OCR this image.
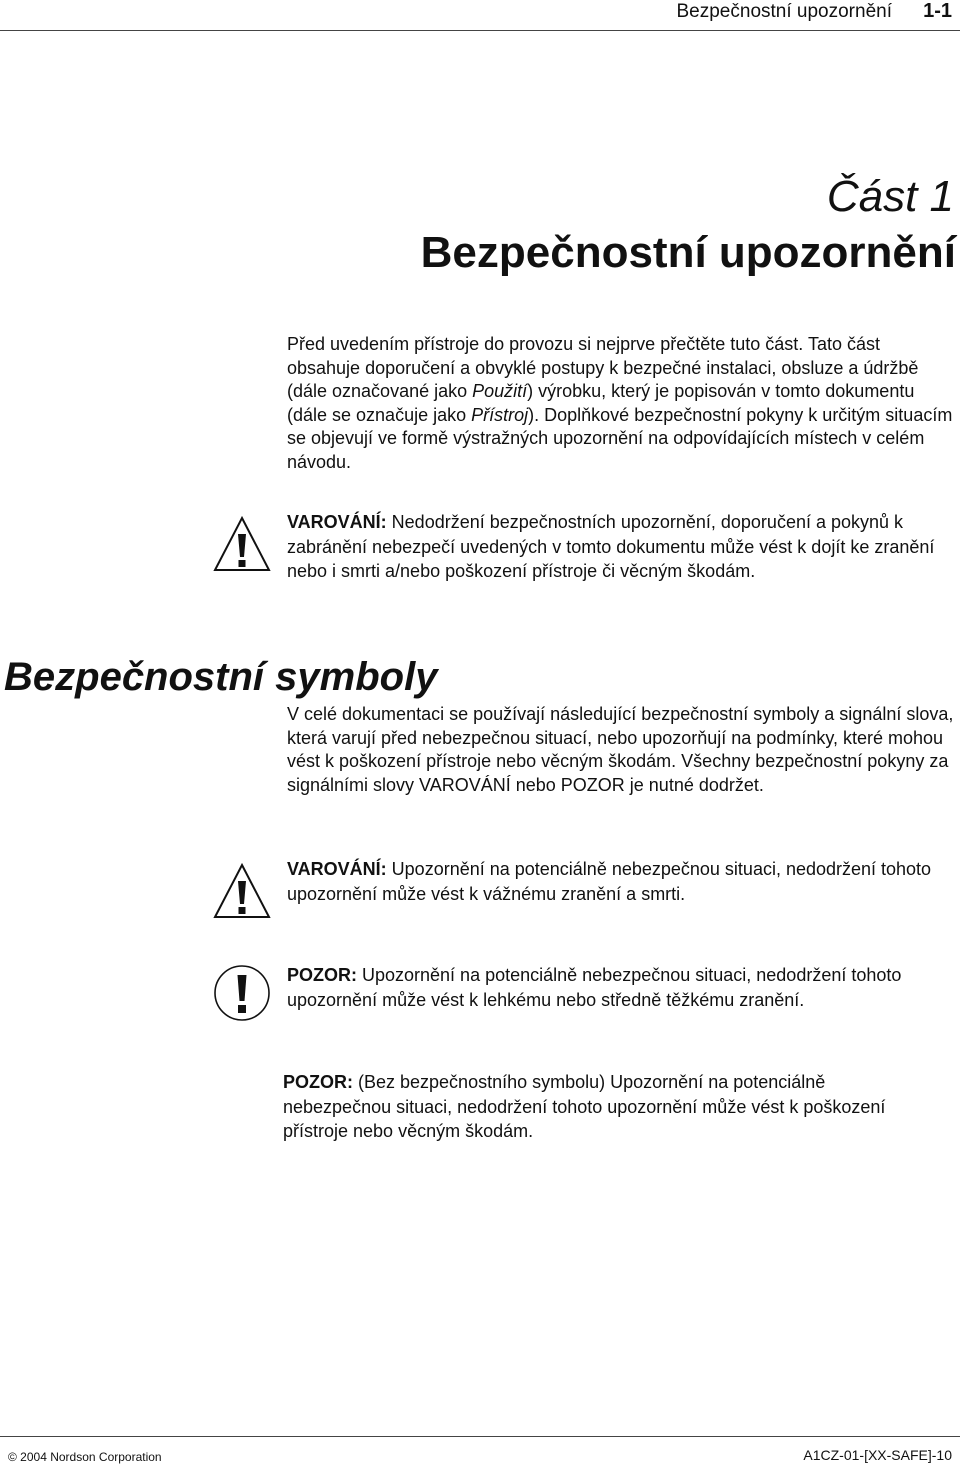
Bezpečnostní upozornění 1-1
Část 1
Bezpečnostní upozornění
Před uvedením přístroje do provozu si nejprve přečtěte tuto část. Tato část obsahuje doporučení a obvyklé postupy k bezpečné instalaci, obsluze a údržbě (dále označované jako Použití) výrobku, který je popisován v tomto dokumentu (dále se označuje jako Přístroj). Doplňkové bezpečnostní pokyny k určitým situacím se objevují ve formě výstražných upozornění na odpovídajících místech v celém návodu.
VAROVÁNÍ: Nedodržení bezpečnostních upozornění, doporučení a pokynů k zabránění nebezpečí uvedených v tomto dokumentu může vést k dojít ke zranění nebo i smrti a/nebo poškození přístroje či věcným škodám.
Bezpečnostní symboly
V celé dokumentaci se používají následující bezpečnostní symboly a signální slova, která varují před nebezpečnou situací, nebo upozorňují na podmínky, které mohou vést k poškození přístroje nebo věcným škodám. Všechny bezpečnostní pokyny za signálními slovy VAROVÁNÍ nebo POZOR je nutné dodržet.
VAROVÁNÍ: Upozornění na potenciálně nebezpečnou situaci, nedodržení tohoto upozornění může vést k vážnému zranění a smrti.
POZOR: Upozornění na potenciálně nebezpečnou situaci, nedodržení tohoto upozornění může vést k lehkému nebo středně těžkému zranění.
POZOR: (Bez bezpečnostního symbolu) Upozornění na potenciálně nebezpečnou situaci, nedodržení tohoto upozornění může vést k poškození přístroje nebo věcným škodám.
© 2004 Nordson Corporation	A1CZ-01-[XX-SAFE]-10
